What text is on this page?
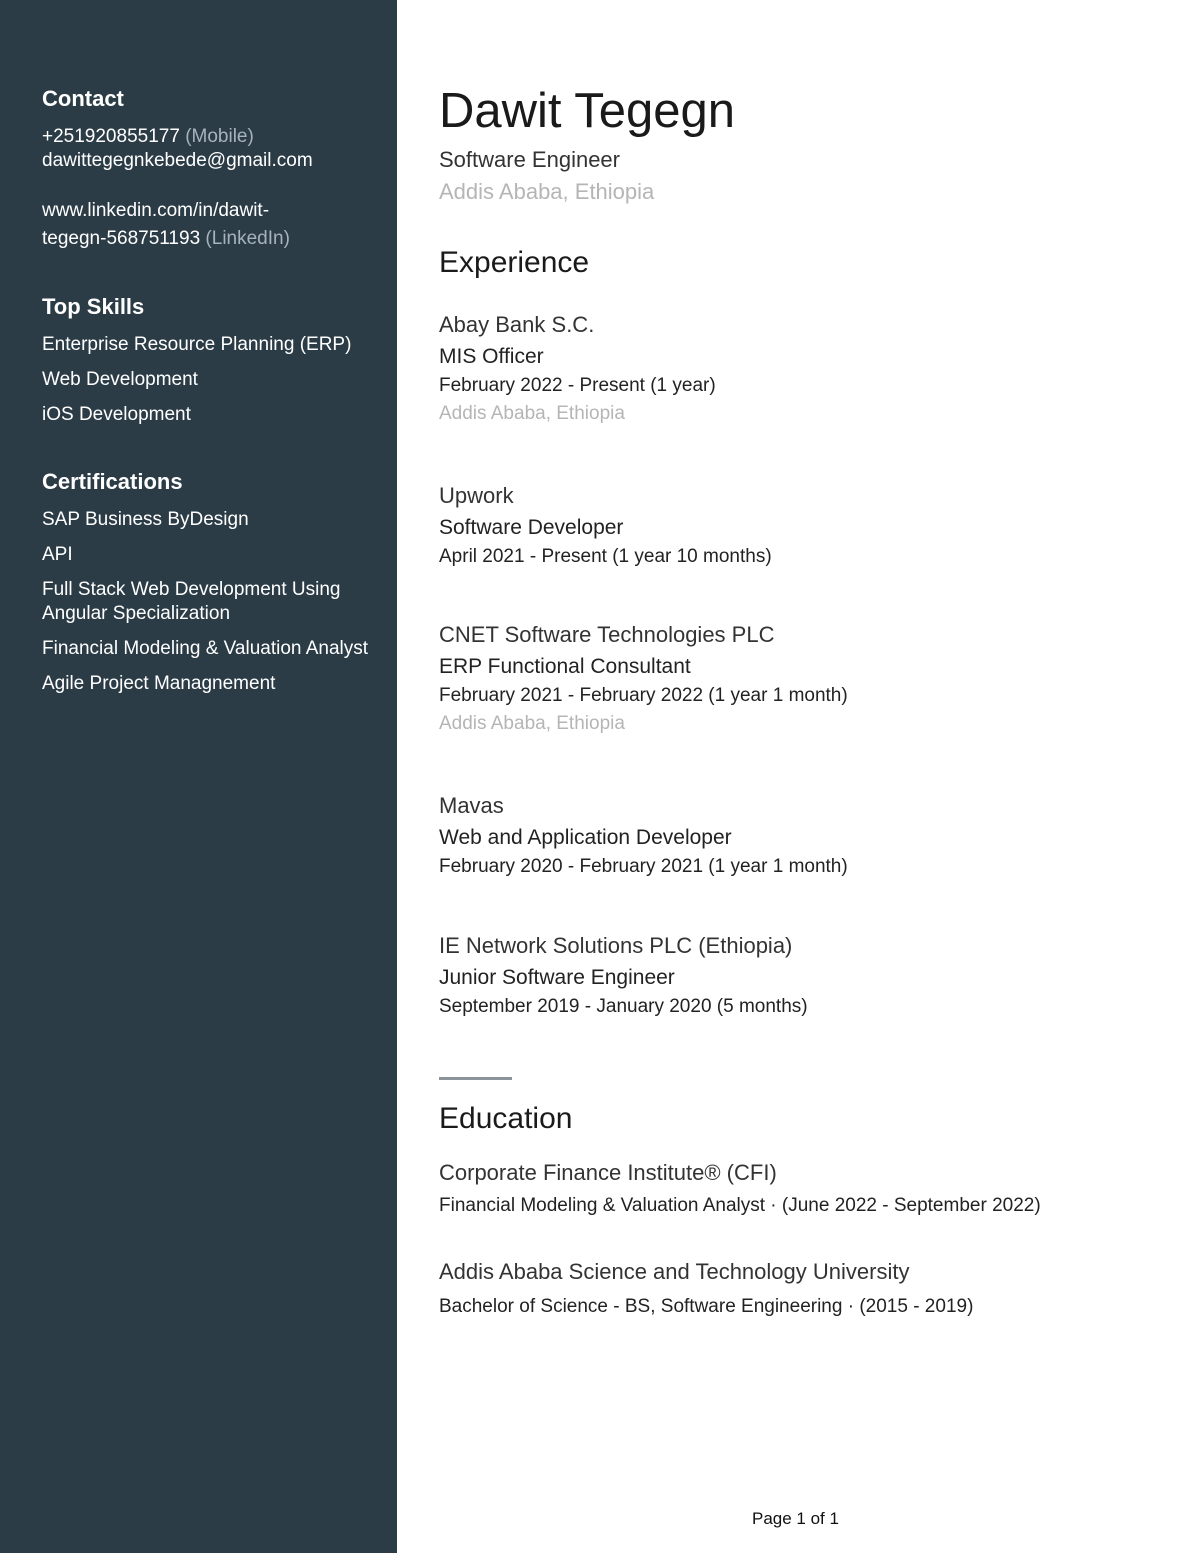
Contact
+251920855177 (Mobile)
dawittegegnkebede@gmail.com
www.linkedin.com/in/dawit-
tegegn-568751193 (LinkedIn)
Top Skills
Enterprise Resource Planning (ERP)
Web Development
iOS Development
Certifications
SAP Business ByDesign
API
Full Stack Web Development Using Angular Specialization
Financial Modeling & Valuation Analyst
Agile Project Managnement
Dawit Tegegn
Software Engineer
Addis Ababa, Ethiopia
Experience
Abay Bank S.C.
MIS Officer
February 2022 - Present (1 year)
Addis Ababa, Ethiopia
Upwork
Software Developer
April 2021 - Present (1 year 10 months)
CNET Software Technologies PLC
ERP Functional Consultant
February 2021 - February 2022 (1 year 1 month)
Addis Ababa, Ethiopia
Mavas
Web and Application Developer
February 2020 - February 2021 (1 year 1 month)
IE Network Solutions PLC (Ethiopia)
Junior Software Engineer
September 2019 - January 2020 (5 months)
Education
Corporate Finance Institute® (CFI)
Financial Modeling & Valuation Analyst · (June 2022 - September 2022)
Addis Ababa Science and Technology University
Bachelor of Science - BS, Software Engineering · (2015 - 2019)
Page 1 of 1
